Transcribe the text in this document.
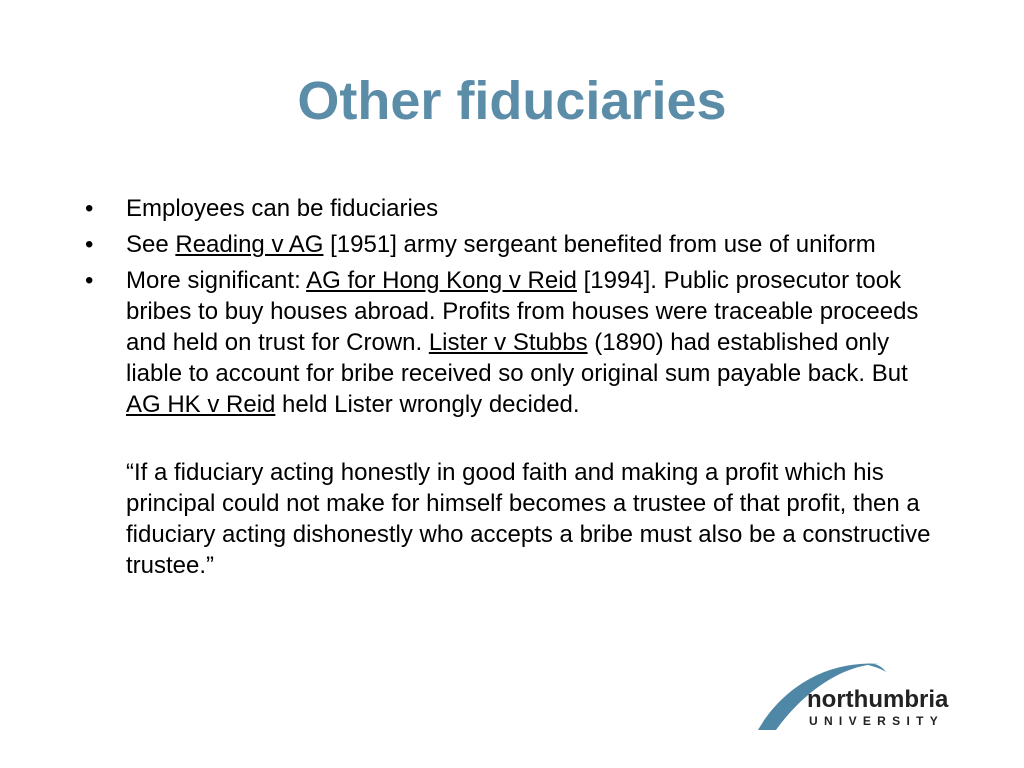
Other fiduciaries
• Employees can be fiduciaries
• See Reading v AG [1951] army sergeant benefited from use of uniform
• More significant: AG for Hong Kong v Reid [1994]. Public prosecutor took bribes to buy houses abroad. Profits from houses were traceable proceeds and held on trust for Crown. Lister v Stubbs (1890) had established only liable to account for bribe received so only original sum payable back. But AG HK v Reid held Lister wrongly decided.
“If a fiduciary acting honestly in good faith and making a profit which his principal could not make for himself becomes a trustee of that profit, then a fiduciary acting dishonestly who accepts a bribe must also be a constructive trustee.”
northumbria
UNIVERSITY
